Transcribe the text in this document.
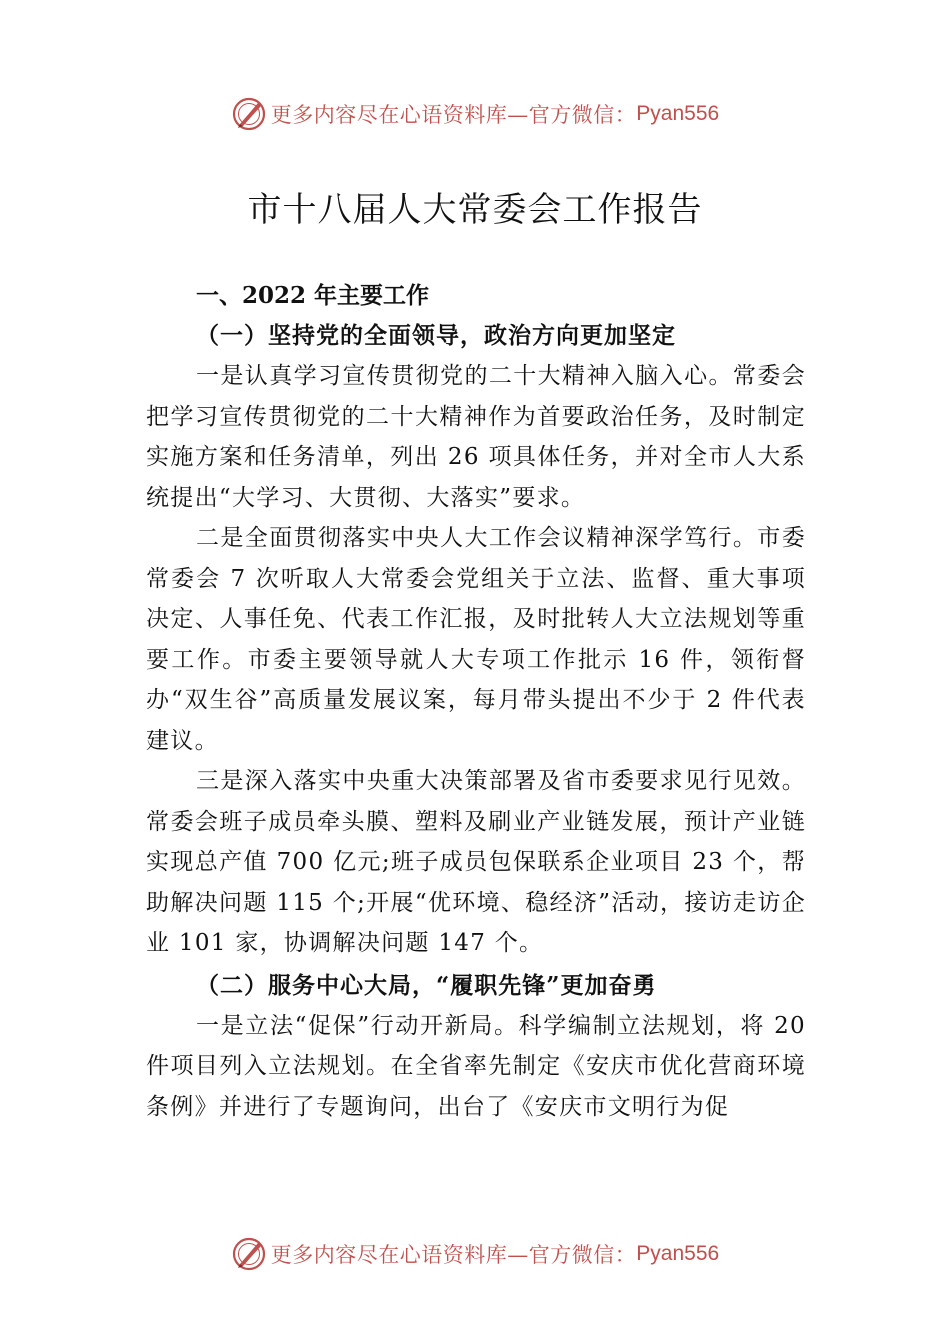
更多内容尽在心语资料库—官方微信： Pyan556
市十八届人大常委会工作报告

一、2022 年主要工作

（一）坚持党的全面领导，政治方向更加坚定

一是认真学习宣传贯彻党的二十大精神入脑入心。常委会把学习宣传贯彻党的二十大精神作为首要政治任务，及时制定实施方案和任务清单，列出 26 项具体任务，并对全市人大系统提出“大学习、大贯彻、大落实”要求。

二是全面贯彻落实中央人大工作会议精神深学笃行。市委常委会 7 次听取人大常委会党组关于立法、监督、重大事项决定、人事任免、代表工作汇报，及时批转人大立法规划等重要工作。市委主要领导就人大专项工作批示 16 件，领衔督办“双生谷”高质量发展议案，每月带头提出不少于 2 件代表建议。

三是深入落实中央重大决策部署及省市委要求见行见效。常委会班子成员牵头膜、塑料及刷业产业链发展，预计产业链实现总产值 700 亿元;班子成员包保联系企业项目 23 个，帮助解决问题 115 个;开展“优环境、稳经济”活动，接访走访企业 101 家，协调解决问题 147 个。

（二）服务中心大局，“履职先锋”更加奋勇

一是立法“促保”行动开新局。科学编制立法规划，将 20 件项目列入立法规划。在全省率先制定《安庆市优化营商环境条例》并进行了专题询问，出台了《安庆市文明行为促

更多内容尽在心语资料库—官方微信： Pyan556
